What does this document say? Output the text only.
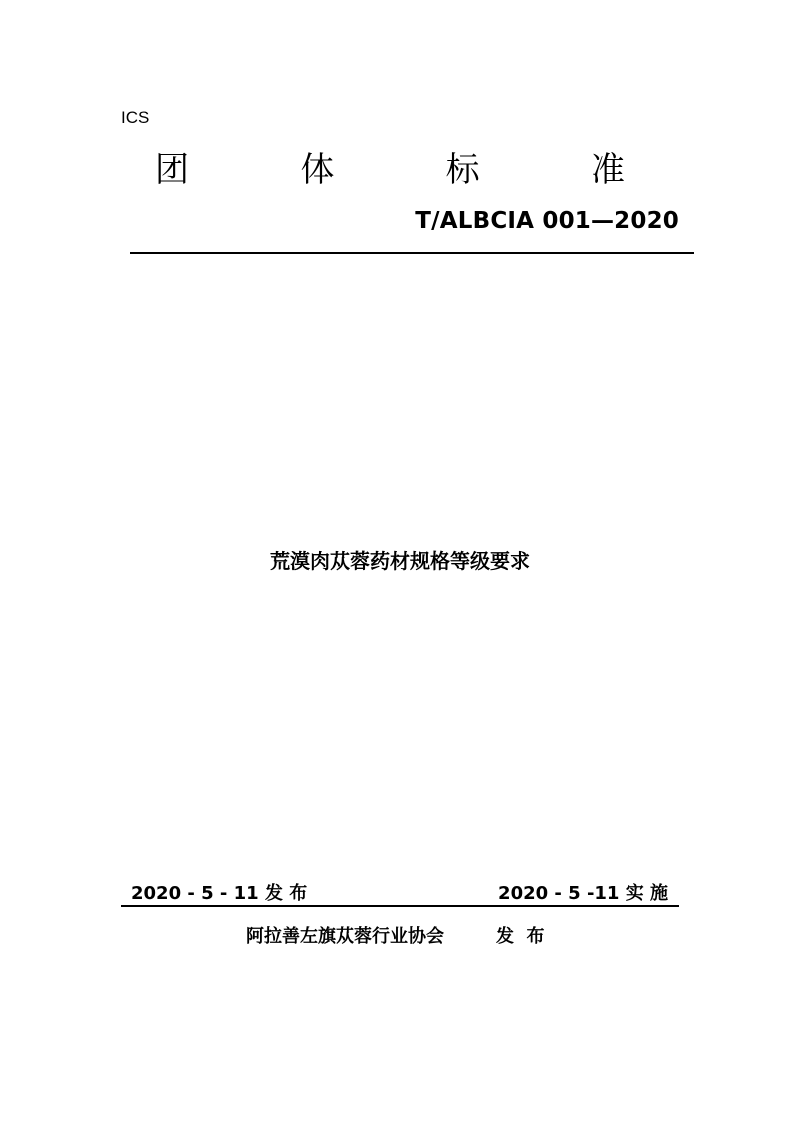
ICS
团	体	标	准
T/ALBCIA 001—2020
荒漠肉苁蓉药材规格等级要求
2020 - 5 - 11 发 布	2020 - 5 -11 实 施
阿拉善左旗苁蓉行业协会	发  布
